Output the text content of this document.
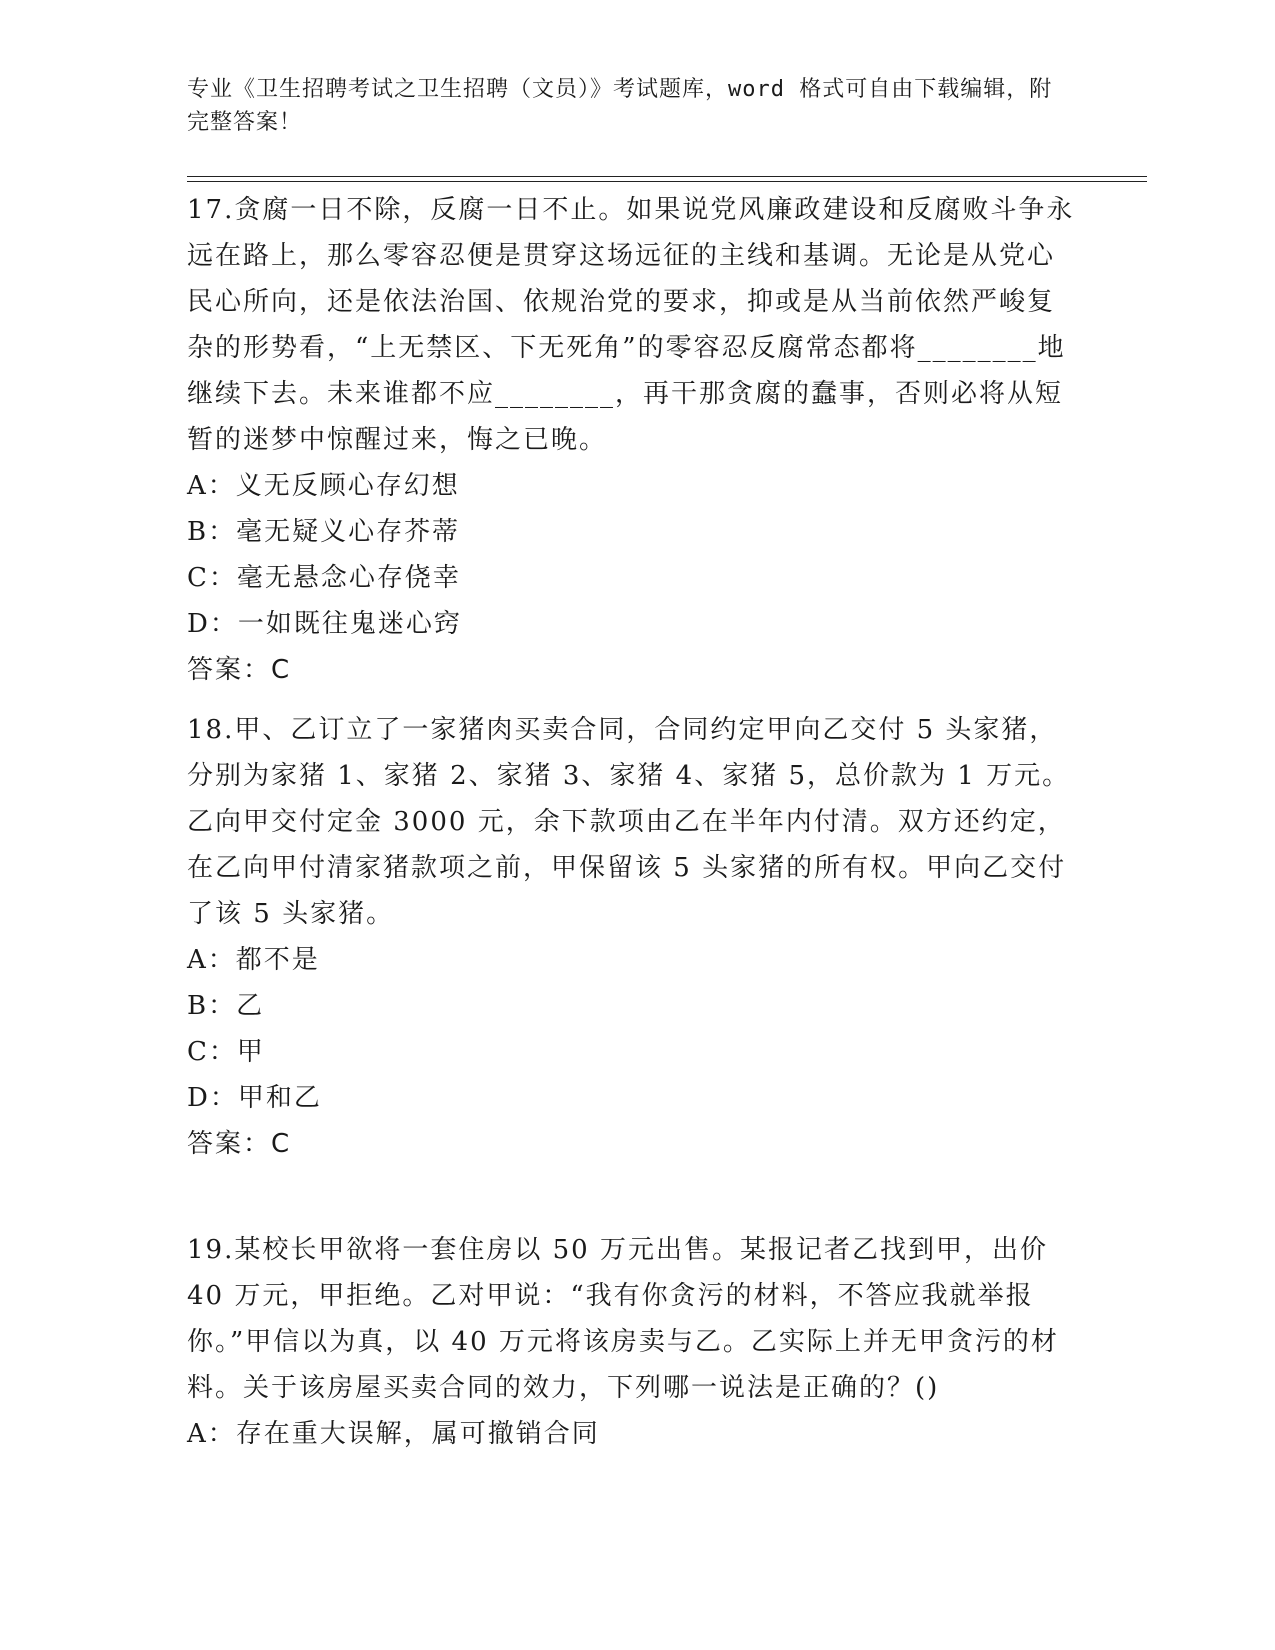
专业《卫生招聘考试之卫生招聘（文员）》考试题库，word 格式可自由下载编辑，附完整答案！

17.贪腐一日不除，反腐一日不止。如果说党风廉政建设和反腐败斗争永远在路上，那么零容忍便是贯穿这场远征的主线和基调。无论是从党心民心所向，还是依法治国、依规治党的要求，抑或是从当前依然严峻复杂的形势看，“上无禁区、下无死角”的零容忍反腐常态都将________地继续下去。未来谁都不应________，再干那贪腐的蠢事，否则必将从短暂的迷梦中惊醒过来，悔之已晚。

A：义无反顾心存幻想
B：毫无疑义心存芥蒂
C：毫无悬念心存侥幸
D：一如既往鬼迷心窍
答案：C

18.甲、乙订立了一家猪肉买卖合同，合同约定甲向乙交付 5 头家猪，分别为家猪 1、家猪 2、家猪 3、家猪 4、家猪 5，总价款为 1 万元。乙向甲交付定金 3000 元，余下款项由乙在半年内付清。双方还约定，在乙向甲付清家猪款项之前，甲保留该 5 头家猪的所有权。甲向乙交付了该 5 头家猪。

A：都不是
B：乙
C：甲
D：甲和乙
答案：C

19.某校长甲欲将一套住房以 50 万元出售。某报记者乙找到甲，出价 40 万元，甲拒绝。乙对甲说：“我有你贪污的材料，不答应我就举报你。”甲信以为真，以 40 万元将该房卖与乙。乙实际上并无甲贪污的材料。关于该房屋买卖合同的效力，下列哪一说法是正确的？()

A：存在重大误解，属可撤销合同
